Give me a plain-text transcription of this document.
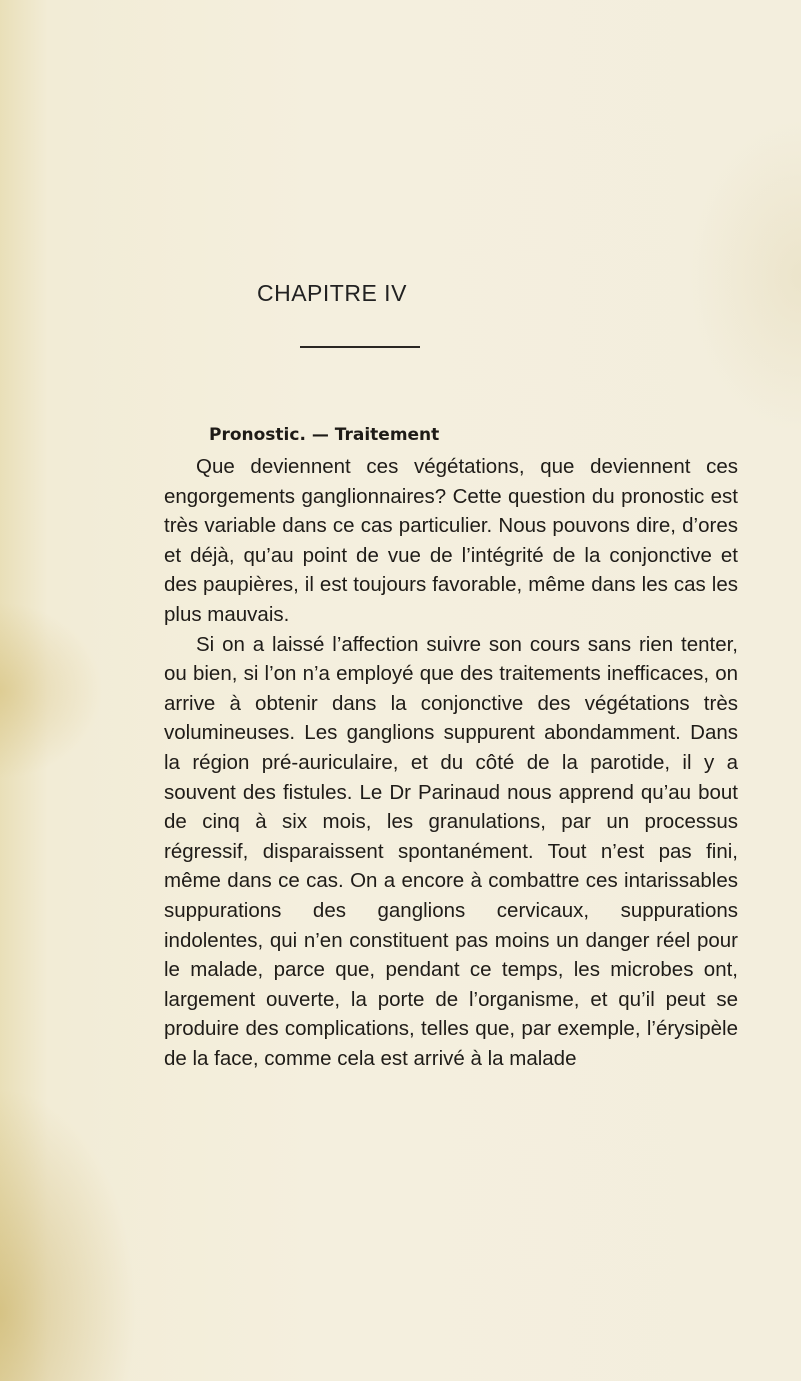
CHAPITRE IV
Pronostic. — Traitement

Que deviennent ces végétations, que deviennent ces engorgements ganglionnaires? Cette question du pronostic est très variable dans ce cas particulier. Nous pouvons dire, d’ores et déjà, qu’au point de vue de l’intégrité de la conjonctive et des paupières, il est toujours favorable, même dans les cas les plus mauvais.

Si on a laissé l’affection suivre son cours sans rien tenter, ou bien, si l’on n’a employé que des traitements inefficaces, on arrive à obtenir dans la conjonctive des végétations très volumineuses. Les ganglions suppurent abondamment. Dans la région pré-auriculaire, et du côté de la parotide, il y a souvent des fistules. Le Dr Parinaud nous apprend qu’au bout de cinq à six mois, les granulations, par un processus régressif, disparaissent spontanément. Tout n’est pas fini, même dans ce cas. On a encore à combattre ces intarissables suppurations des ganglions cervicaux, suppurations indolentes, qui n’en constituent pas moins un danger réel pour le malade, parce que, pendant ce temps, les microbes ont, largement ouverte, la porte de l’organisme, et qu’il peut se produire des complications, telles que, par exemple, l’érysipèle de la face, comme cela est arrivé à la malade
